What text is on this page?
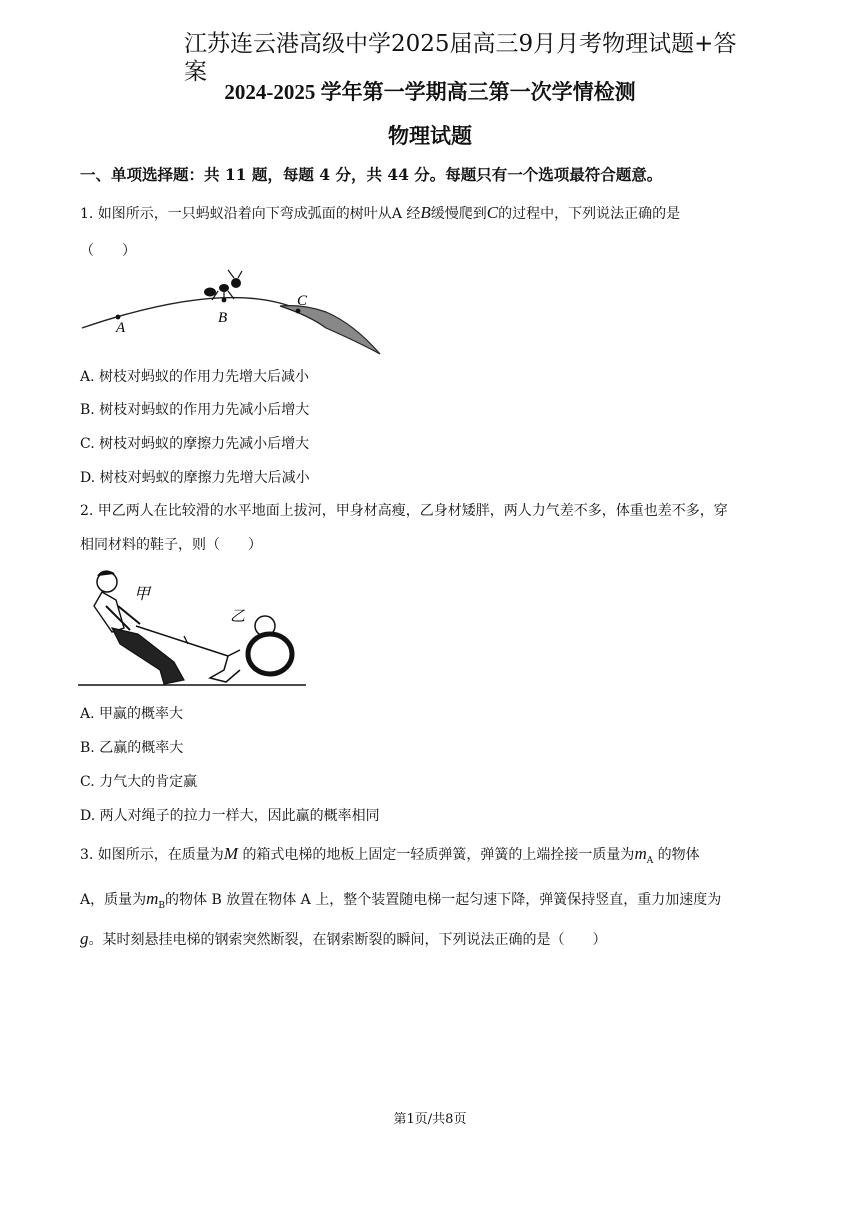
江苏连云港高级中学2025届高三9月月考物理试题+答案
2024-2025 学年第一学期高三第一次学情检测
物理试题
一、单项选择题：共 11 题，每题 4 分，共 44 分。每题只有一个选项最符合题意。
1. 如图所示，一只蚂蚁沿着向下弯成弧面的树叶从A 经B缓慢爬到C的过程中，下列说法正确的是
（　　）
A
B
C
A. 树枝对蚂蚁的作用力先增大后减小
B. 树枝对蚂蚁的作用力先减小后增大
C. 树枝对蚂蚁的摩擦力先减小后增大
D. 树枝对蚂蚁的摩擦力先增大后减小
2. 甲乙两人在比较滑的水平地面上拔河，甲身材高瘦，乙身材矮胖，两人力气差不多，体重也差不多，穿
相同材料的鞋子，则（　　）
甲
乙
A. 甲赢的概率大
B. 乙赢的概率大
C. 力气大的肯定赢
D. 两人对绳子的拉力一样大，因此赢的概率相同
3. 如图所示，在质量为M 的箱式电梯的地板上固定一轻质弹簧，弹簧的上端拴接一质量为$m_A$ 的物体
A，质量为$m_B$的物体 B 放置在物体 A 上，整个装置随电梯一起匀速下降，弹簧保持竖直，重力加速度为
g。某时刻悬挂电梯的钢索突然断裂，在钢索断裂的瞬间，下列说法正确的是（　　）
第1页/共8页
